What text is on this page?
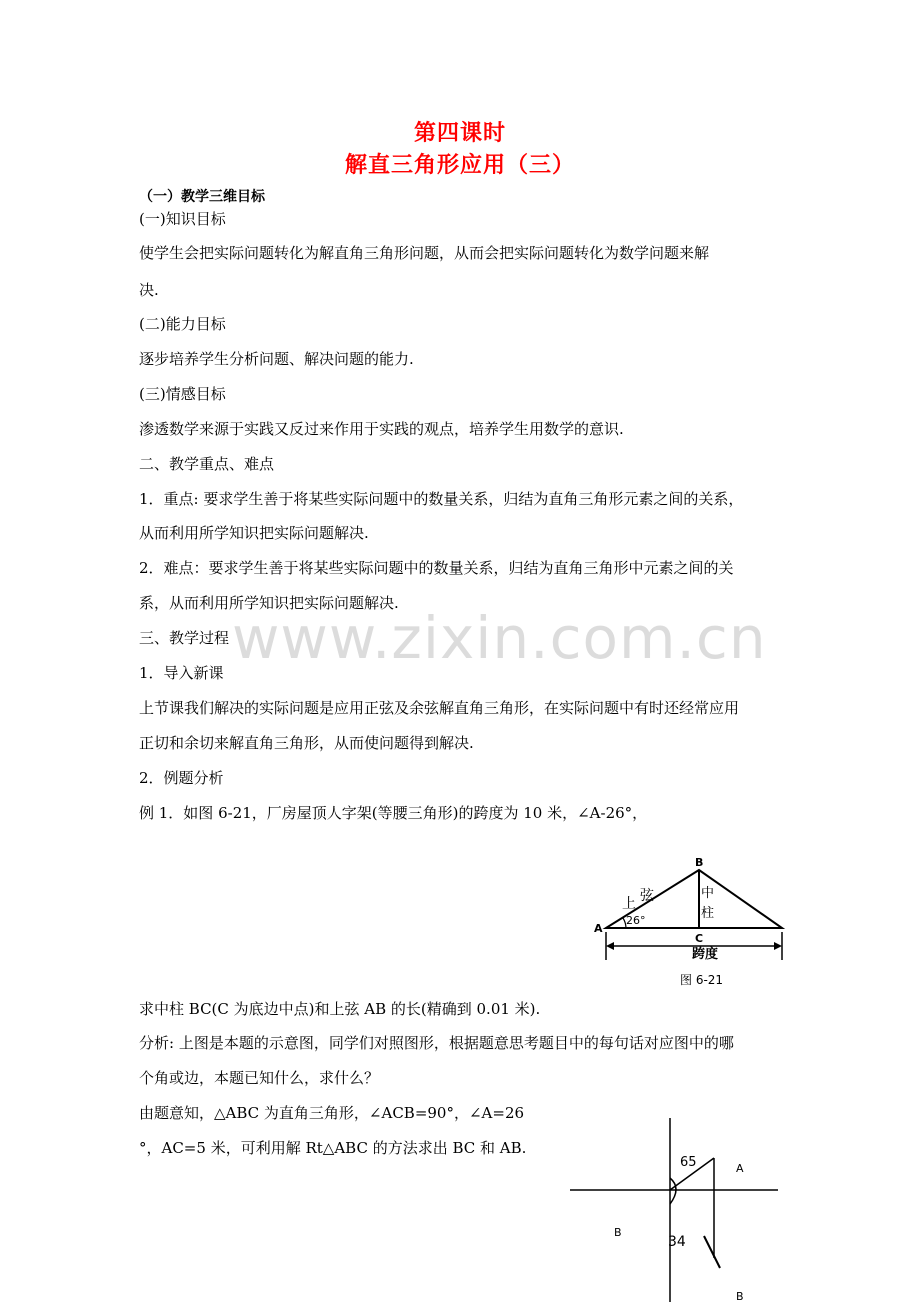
第四课时
解直三角形应用（三）
（一）教学三维目标
(一)知识目标
使学生会把实际问题转化为解直角三角形问题，从而会把实际问题转化为数学问题来解
决.
(二)能力目标
逐步培养学生分析问题、解决问题的能力.
(三)情感目标
渗透数学来源于实践又反过来作用于实践的观点，培养学生用数学的意识.
二、教学重点、难点
1．重点: 要求学生善于将某些实际问题中的数量关系，归结为直角三角形元素之间的关系，
从而利用所学知识把实际问题解决.
2．难点：要求学生善于将某些实际问题中的数量关系，归结为直角三角形中元素之间的关
系，从而利用所学知识把实际问题解决.
www.zixin.com.cn
三、教学过程
1．导入新课
上节课我们解决的实际问题是应用正弦及余弦解直角三角形，在实际问题中有时还经常应用
正切和余切来解直角三角形，从而使问题得到解决.
2．例题分析
例 1．如图 6-21，厂房屋顶人字架(等腰三角形)的跨度为 10 米，∠A-26°，
A
B
C
上 弦	中
柱
26°
跨度
图 6-21
求中柱 BC(C 为底边中点)和上弦 AB 的长(精确到 0.01 米).
分析: 上图是本题的示意图，同学们对照图形，根据题意思考题目中的每句话对应图中的哪
个角或边，本题已知什么，求什么？
由题意知，△ABC 为直角三角形，∠ACB=90°，∠A=26
°，AC=5 米，可利用解 Rt△ABC 的方法求出 BC 和 AB.
65	A
B
34
B
